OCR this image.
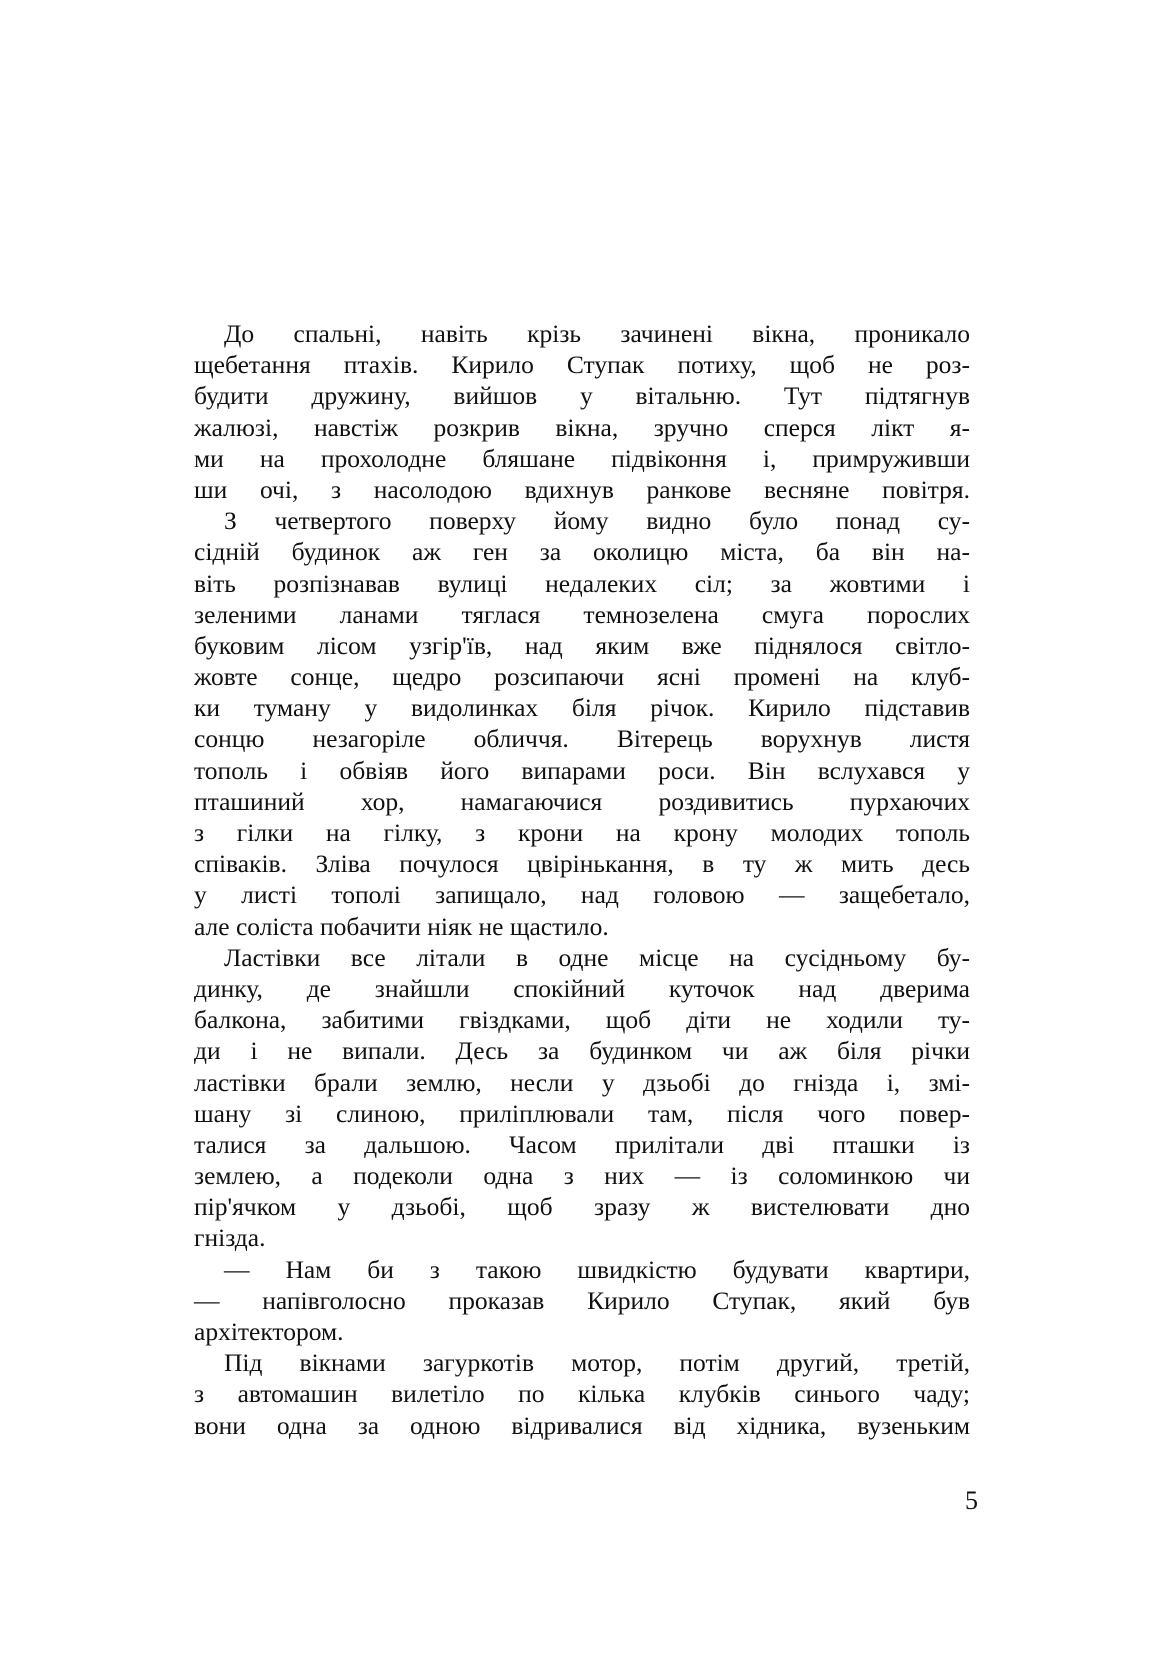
До спальні, навіть крізь зачинені вікна, проникало
щебетання птахів. Кирило Ступак потиху, щоб не роз-
будити дружину, вийшов у вітальню. Тут підтягнув
жалюзі, навстіж розкрив вікна, зручно сперся лікт я-
ми на прохолодне бляшане підвіконня і, примруживши
ши очі, з насолодою вдихнув ранкове весняне повітря.
З четвертого поверху йому видно було понад су-
сідній будинок аж ген за околицю міста, ба він на-
віть розпізнавав вулиці недалеких сіл; за жовтими і
зеленими ланами тяглася темнозелена смуга порослих
буковим лісом узгір'їв, над яким вже піднялося світло-
жовте сонце, щедро розсипаючи ясні промені на клуб-
ки туману у видолинках біля річок. Кирило підставив
сонцю незагоріле обличчя. Вітерець ворухнув листя
тополь і обвіяв його випарами роси. Він вслухався у
пташиний хор, намагаючися роздивитись пурхаючих
з гілки на гілку, з крони на крону молодих тополь
співаків. Зліва почулося цвірінькання, в ту ж мить десь
у листі тополі запищало, над головою — защебетало,
але соліста побачити ніяк не щастило.
Ластівки все літали в одне місце на сусідньому бу-
динку, де знайшли спокійний куточок над дверима
балкона, забитими гвіздками, щоб діти не ходили ту-
ди і не випали. Десь за будинком чи аж біля річки
ластівки брали землю, несли у дзьобі до гнізда і, змі-
шану зі слиною, приліплювали там, після чого повер-
талися за дальшою. Часом прилітали дві пташки із
землею, а подеколи одна з них — із соломинкою чи
пір'ячком у дзьобі, щоб зразу ж вистелювати дно
гнізда.
— Нам би з такою швидкістю будувати квартири,
— напівголосно проказав Кирило Ступак, який був
архітектором.
Під вікнами загуркотів мотор, потім другий, третій,
з автомашин вилетіло по кілька клубків синього чаду;
вони одна за одною відривалися від хідника, вузеньким
5
